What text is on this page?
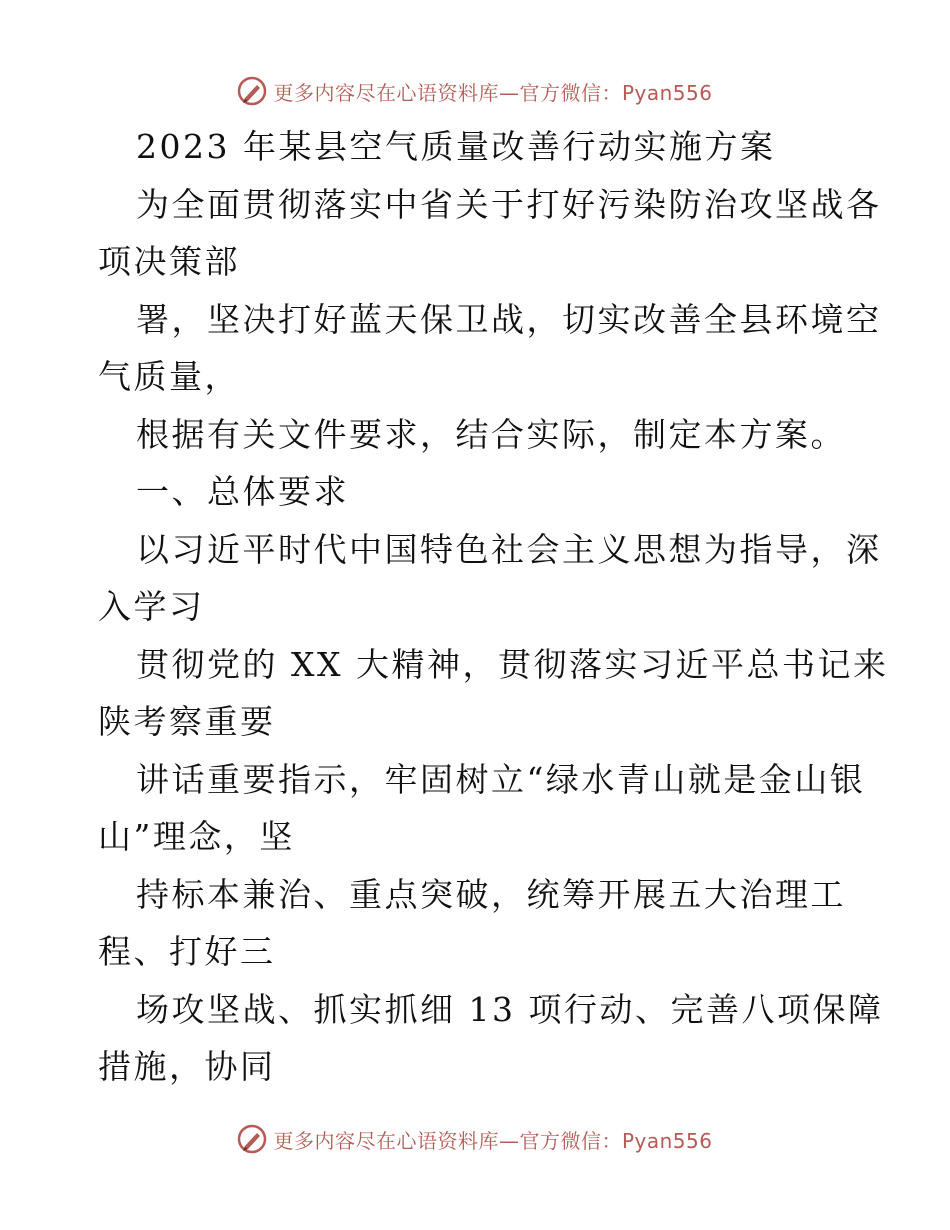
更多内容尽在心语资料库—官方微信：Pyan556
2023 年某县空气质量改善行动实施方案
为全面贯彻落实中省关于打好污染防治攻坚战各
项决策部
署，坚决打好蓝天保卫战，切实改善全县环境空
气质量，
根据有关文件要求，结合实际，制定本方案。
一、总体要求
以习近平时代中国特色社会主义思想为指导，深
入学习
贯彻党的 XX 大精神，贯彻落实习近平总书记来
陕考察重要
讲话重要指示，牢固树立“绿水青山就是金山银
山”理念，坚
持标本兼治、重点突破，统筹开展五大治理工
程、打好三
场攻坚战、抓实抓细 13 项行动、完善八项保障
措施，协同
更多内容尽在心语资料库—官方微信：Pyan556
